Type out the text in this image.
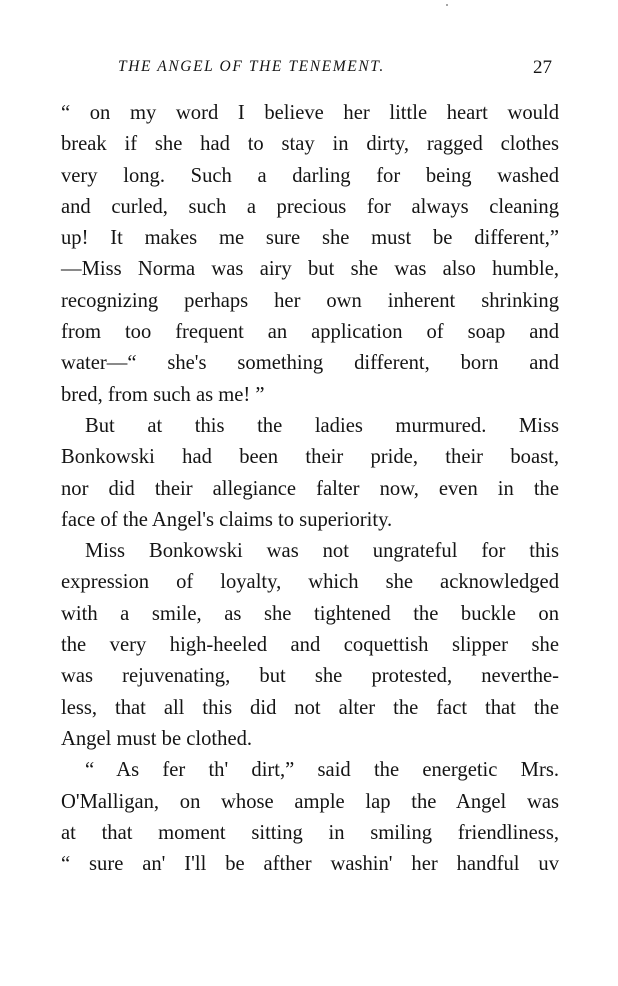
THE ANGEL OF THE TENEMENT.	27
“ on my word I believe her little heart would
break if she had to stay in dirty, ragged clothes
very long. Such a darling for being washed
and curled, such a precious for always cleaning
up! It makes me sure she must be different,”
—Miss Norma was airy but she was also humble,
recognizing perhaps her own inherent shrinking
from too frequent an application of soap and
water—“ she's something different, born and
bred, from such as me! ”
But at this the ladies murmured. Miss
Bonkowski had been their pride, their boast,
nor did their allegiance falter now, even in the
face of the Angel's claims to superiority.
Miss Bonkowski was not ungrateful for this
expression of loyalty, which she acknowledged
with a smile, as she tightened the buckle on
the very high-heeled and coquettish slipper she
was rejuvenating, but she protested, neverthe-
less, that all this did not alter the fact that the
Angel must be clothed.
“ As fer th' dirt,” said the energetic Mrs.
O'Malligan, on whose ample lap the Angel was
at that moment sitting in smiling friendliness,
“ sure an' I'll be afther washin' her handful uv
